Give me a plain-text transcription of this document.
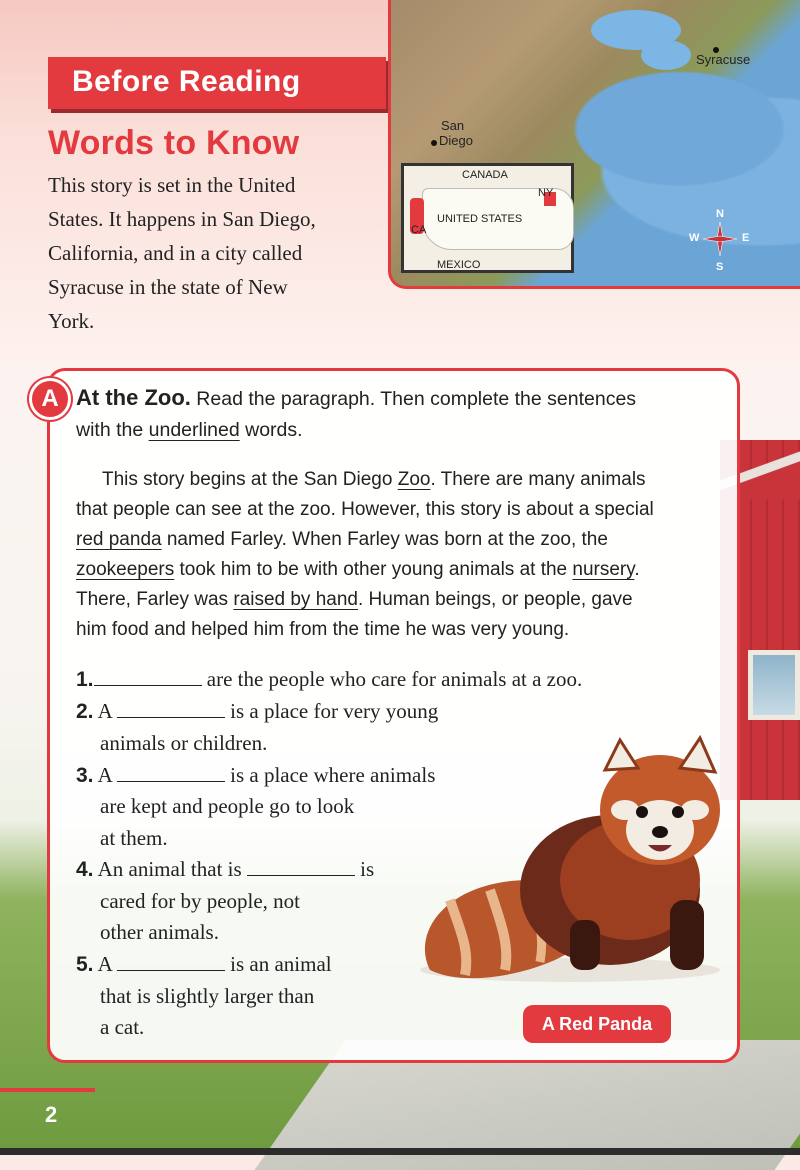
Before Reading
Words to Know
This story is set in the United
States. It happens in San Diego,
California, and in a city called
Syracuse in the state of New
York.
Syracuse
San
Diego
CANADA
NY
UNITED STATES
CA
MEXICO
N
S
W	E
A At the Zoo. Read the paragraph. Then complete the sentences
with the underlined words.
This story begins at the San Diego Zoo. There are many animals
that people can see at the zoo. However, this story is about a special
red panda named Farley. When Farley was born at the zoo, the
zookeepers took him to be with other young animals at the nursery.
There, Farley was raised by hand. Human beings, or people, gave
him food and helped him from the time he was very young.
1.	are the people who care for animals at a zoo.
2. A	is a place for very young
animals or children.
3. A	is a place where animals
are kept and people go to look
at them.
4. An animal that is	is
cared for by people, not
other animals.
5. A	is an animal
that is slightly larger than
a cat.	A Red Panda
2
